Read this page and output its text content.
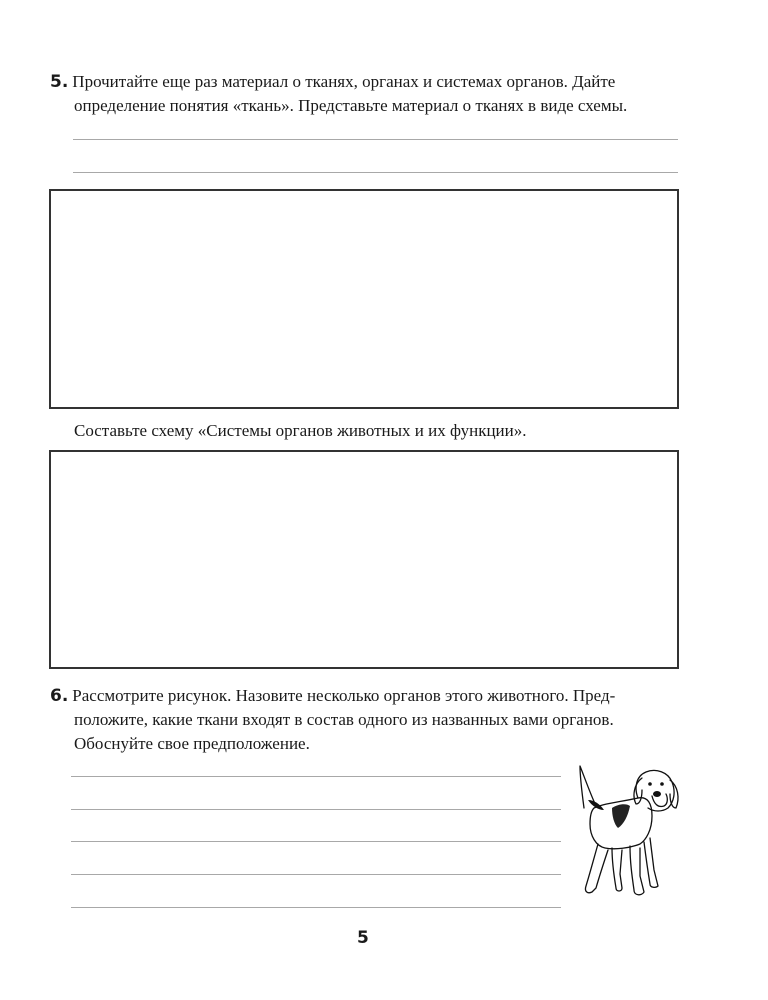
5. Прочитайте еще раз материал о тканях, органах и системах органов. Дайте
определение понятия «ткань». Представьте материал о тканях в виде схемы.
Составьте схему «Системы органов животных и их функции».
6. Рассмотрите рисунок. Назовите несколько органов этого животного. Пред-
положите, какие ткани входят в состав одного из названных вами органов.
Обоснуйте свое предположение.
5
